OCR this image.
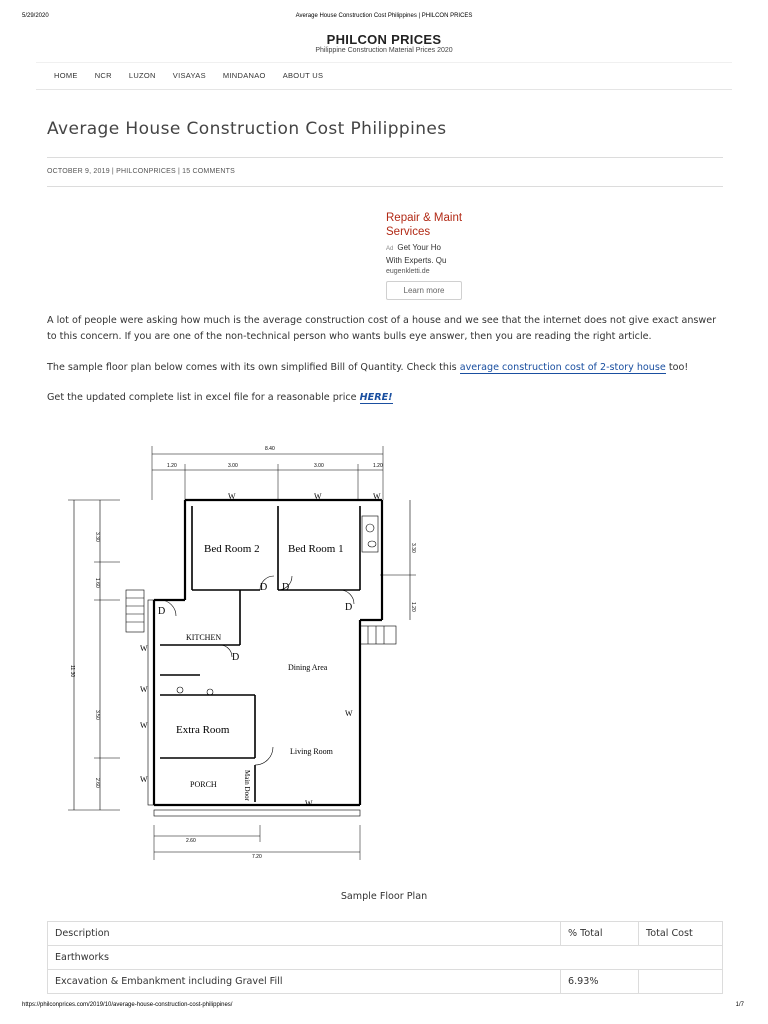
5/29/2020	Average House Construction Cost Philippines | PHILCON PRICES
PHILCON PRICES
Philippine Construction Material Prices 2020
HOME NCR LUZON VISAYAS MINDANAO ABOUT US
Average House Construction Cost Philippines
OCTOBER 9, 2019 | PHILCONPRICES | 15 COMMENTS
Repair & Maint
Services
Ad Get Your Ho
With Experts. Qu
eugenkletti.de
Learn more
A lot of people were asking how much is the average construction cost of a house and we see that the internet does not give exact answer to this concern. If you are one of the non-technical person who wants bulls eye answer, then you are reading the right article.
The sample floor plan below comes with its own simplified Bill of Quantity. Check this average construction cost of 2-story house too!
Get the updated complete list in excel file for a reasonable price HERE!
8.40
1.20	3.00	3.00	1.20
11.30
3.30
1.60
3.50
2.60
3.30
1.20
2.60
7.20
Bed Room 2	Bed Room 1
KITCHEN
Dining Area
Extra Room
Living Room
PORCH	Main Door
W	W	W
W
W
W
W
W
W
D D
D
D
D
Sample Floor Plan
Description	% Total	Total Cost
Earthworks		
Excavation & Embankment including Gravel Fill	6.93%	
https://philconprices.com/2019/10/average-house-construction-cost-philippines/	1/7
